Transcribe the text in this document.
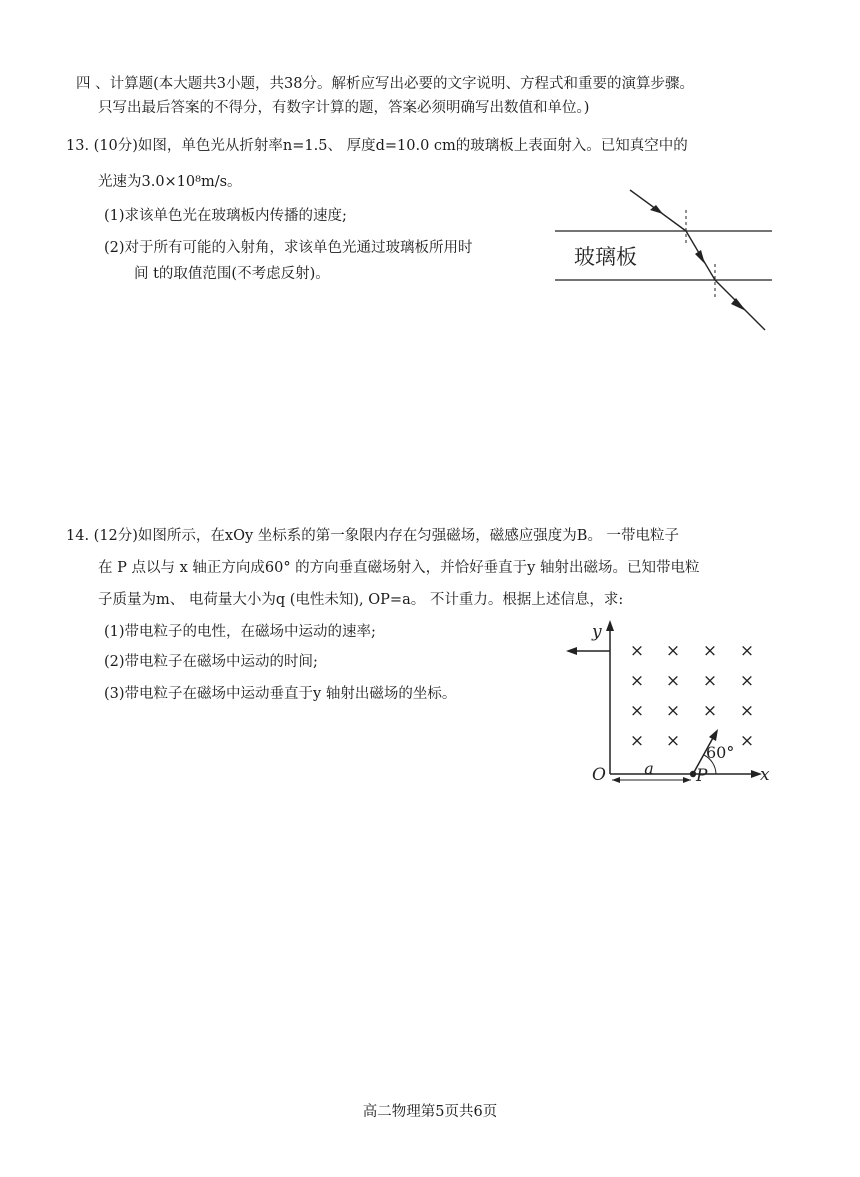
四 、计算题(本大题共3小题，共38分。解析应写出必要的文字说明、方程式和重要的演算步骤。
只写出最后答案的不得分，有数字计算的题，答案必须明确写出数值和单位。)
13. (10分)如图，单色光从折射率n=1.5、 厚度d=10.0 cm的玻璃板上表面射入。已知真空中的
光速为3.0×10⁸m/s。
(1)求该单色光在玻璃板内传播的速度;
(2)对于所有可能的入射角，求该单色光通过玻璃板所用时
间 t的取值范围(不考虑反射)。
玻璃板
14. (12分)如图所示，在xOy 坐标系的第一象限内存在匀强磁场，磁感应强度为B。 一带电粒子
在 P 点以与 x 轴正方向成60° 的方向垂直磁场射入，并恰好垂直于y 轴射出磁场。已知带电粒
子质量为m、 电荷量大小为q (电性未知), OP=a。 不计重力。根据上述信息，求:
(1)带电粒子的电性，在磁场中运动的速率;
(2)带电粒子在磁场中运动的时间;
(3)带电粒子在磁场中运动垂直于y 轴射出磁场的坐标。
y
x
O
× × × ×
× × × ×
× × × ×
× ×	×
60°
P
a
高二物理第5页共6页
